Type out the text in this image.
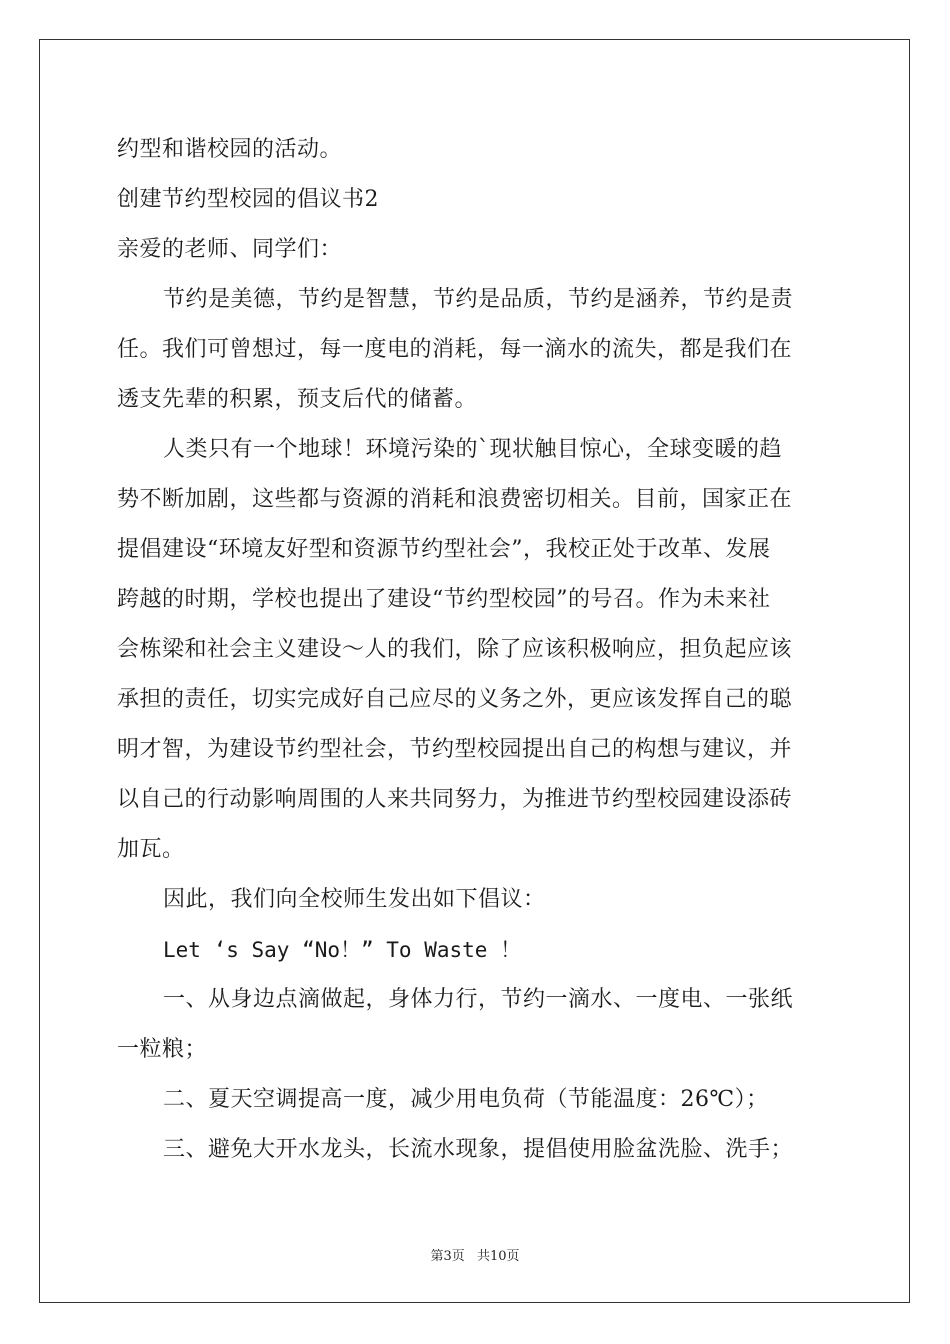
约型和谐校园的活动。
创建节约型校园的倡议书2
亲爱的老师、同学们：
节约是美德，节约是智慧，节约是品质，节约是涵养，节约是责
任。我们可曾想过，每一度电的消耗，每一滴水的流失，都是我们在
透支先辈的积累，预支后代的储蓄。
人类只有一个地球！环境污染的`现状触目惊心，全球变暖的趋
势不断加剧，这些都与资源的消耗和浪费密切相关。目前，国家正在
提倡建设“环境友好型和资源节约型社会”，我校正处于改革、发展
跨越的时期，学校也提出了建设“节约型校园”的号召。作为未来社
会栋梁和社会主义建设～人的我们，除了应该积极响应，担负起应该
承担的责任，切实完成好自己应尽的义务之外，更应该发挥自己的聪
明才智，为建设节约型社会，节约型校园提出自己的构想与建议，并
以自己的行动影响周围的人来共同努力，为推进节约型校园建设添砖
加瓦。
因此，我们向全校师生发出如下倡议：
Let ‘s Say “No！” To Waste ！
一、从身边点滴做起，身体力行，节约一滴水、一度电、一张纸
一粒粮；
二、夏天空调提高一度，减少用电负荷（节能温度：26℃）；
三、避免大开水龙头，长流水现象，提倡使用脸盆洗脸、洗手；
第3页 共10页
